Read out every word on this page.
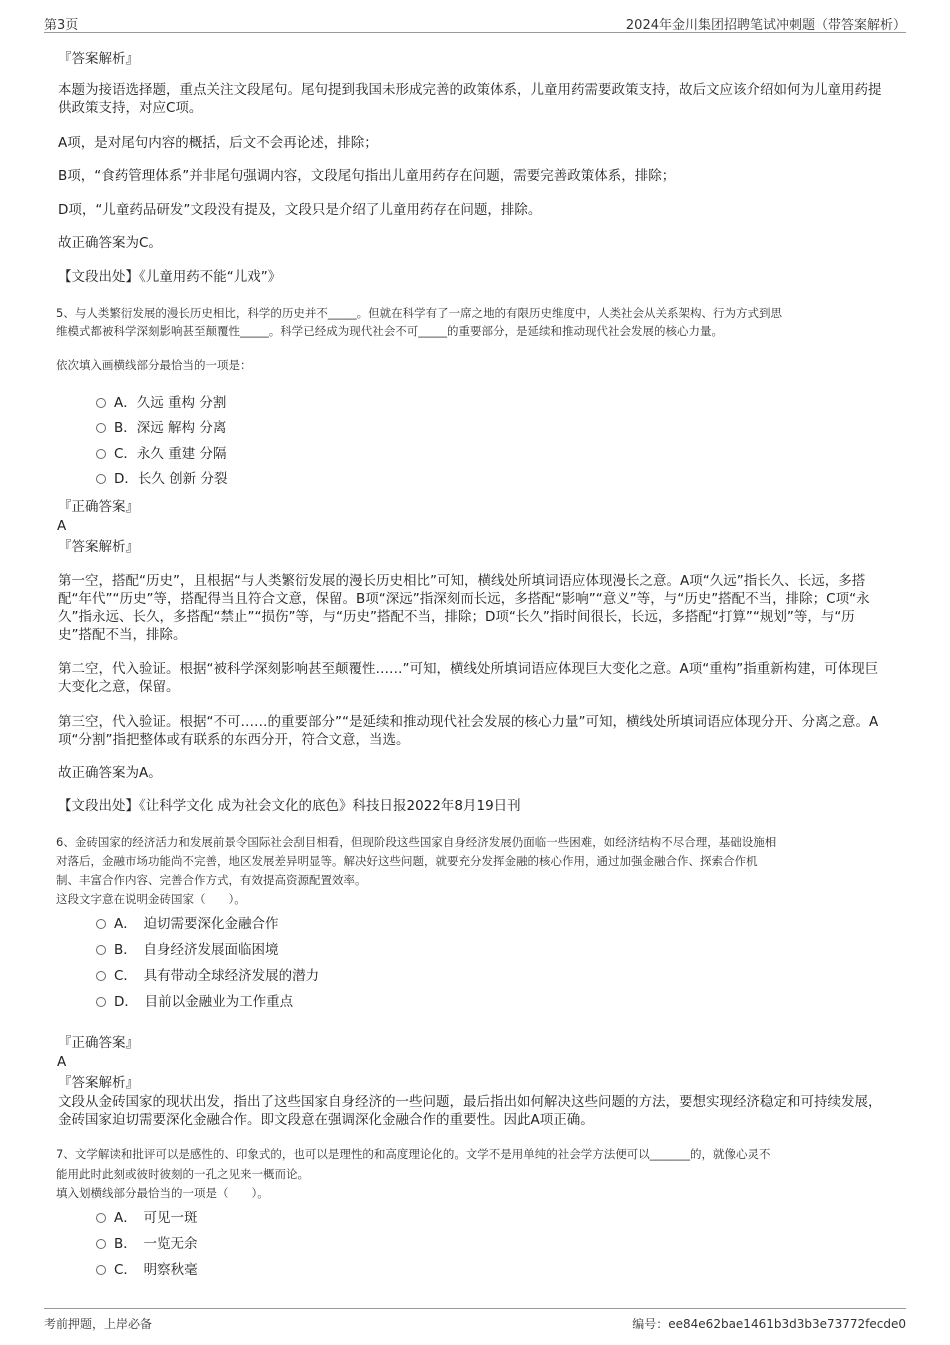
第3页	2024年金川集团招聘笔试冲刺题（带答案解析）
『答案解析』
本题为接语选择题，重点关注文段尾句。尾句提到我国未形成完善的政策体系，儿童用药需要政策支持，故后文应该介绍如何为儿童用药提供政策支持，对应C项。
A项，是对尾句内容的概括，后文不会再论述，排除；
B项，“食药管理体系”并非尾句强调内容，文段尾句指出儿童用药存在问题，需要完善政策体系，排除；
D项，“儿童药品研发”文段没有提及，文段只是介绍了儿童用药存在问题，排除。
故正确答案为C。
【文段出处】《儿童用药不能“儿戏”》
5、与人类繁衍发展的漫长历史相比，科学的历史并不_____。但就在科学有了一席之地的有限历史维度中，人类社会从关系架构、行为方式到思
维模式都被科学深刻影响甚至颠覆性_____。科学已经成为现代社会不可_____的重要部分，是延续和推动现代社会发展的核心力量。
依次填入画横线部分最恰当的一项是：
A．久远 重构 分割
B．深远 解构 分离
C．永久 重建 分隔
D．长久 创新 分裂
『正确答案』
A
『答案解析』
第一空，搭配“历史”，且根据“与人类繁衍发展的漫长历史相比”可知，横线处所填词语应体现漫长之意。A项“久远”指长久、长远，多搭配“年代”“历史”等，搭配得当且符合文意，保留。B项“深远”指深刻而长远，多搭配“影响”“意义”等，与“历史”搭配不当，排除；C项“永久”指永远、长久，多搭配“禁止”“损伤”等，与“历史”搭配不当，排除；D项“长久”指时间很长，长远，多搭配“打算”“规划”等，与“历史”搭配不当，排除。
第二空，代入验证。根据“被科学深刻影响甚至颠覆性……”可知，横线处所填词语应体现巨大变化之意。A项“重构”指重新构建，可体现巨大变化之意，保留。
第三空，代入验证。根据“不可……的重要部分”“是延续和推动现代社会发展的核心力量”可知，横线处所填词语应体现分开、分离之意。A项“分割”指把整体或有联系的东西分开，符合文意，当选。
故正确答案为A。
【文段出处】《让科学文化 成为社会文化的底色》科技日报2022年8月19日刊
6、金砖国家的经济活力和发展前景令国际社会刮目相看，但现阶段这些国家自身经济发展仍面临一些困难，如经济结构不尽合理，基础设施相
对落后，金融市场功能尚不完善，地区发展差异明显等。解决好这些问题，就要充分发挥金融的核心作用，通过加强金融合作、探索合作机
制、丰富合作内容、完善合作方式，有效提高资源配置效率。
这段文字意在说明金砖国家（　　）。
A．　迫切需要深化金融合作
B．　自身经济发展面临困境
C．　具有带动全球经济发展的潜力
D．　目前以金融业为工作重点
『正确答案』
A
『答案解析』
文段从金砖国家的现状出发，指出了这些国家自身经济的一些问题，最后指出如何解决这些问题的方法，要想实现经济稳定和可持续发展，金砖国家迫切需要深化金融合作。即文段意在强调深化金融合作的重要性。因此A项正确。
7、文学解读和批评可以是感性的、印象式的，也可以是理性的和高度理论化的。文学不是用单纯的社会学方法便可以_______的，就像心灵不
能用此时此刻或彼时彼刻的一孔之见来一概而论。
填入划横线部分最恰当的一项是（　　）。
A．　可见一斑
B．　一览无余
C．　明察秋毫
考前押题，上岸必备	编号：ee84e62bae1461b3d3b3e73772fecde0
